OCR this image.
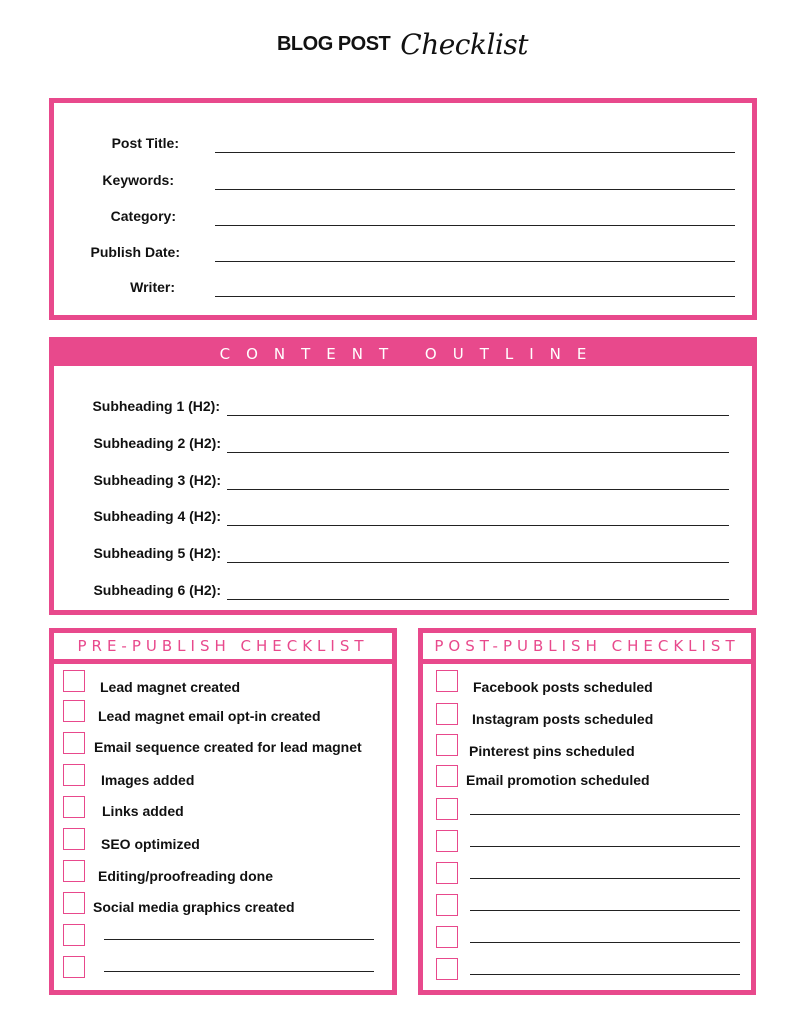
BLOG POST Checklist
Post Title:
Keywords:
Category:
Publish Date:
Writer:
CONTENT OUTLINE
Subheading 1 (H2):
Subheading 2 (H2):
Subheading 3 (H2):
Subheading 4 (H2):
Subheading 5 (H2):
Subheading 6 (H2):
PRE-PUBLISH CHECKLIST
Lead magnet created
Lead magnet email opt-in created
Email sequence created for lead magnet
Images added
Links added
SEO optimized
Editing/proofreading done
Social media graphics created
POST-PUBLISH CHECKLIST
Facebook posts scheduled
Instagram posts scheduled
Pinterest pins scheduled
Email promotion scheduled
